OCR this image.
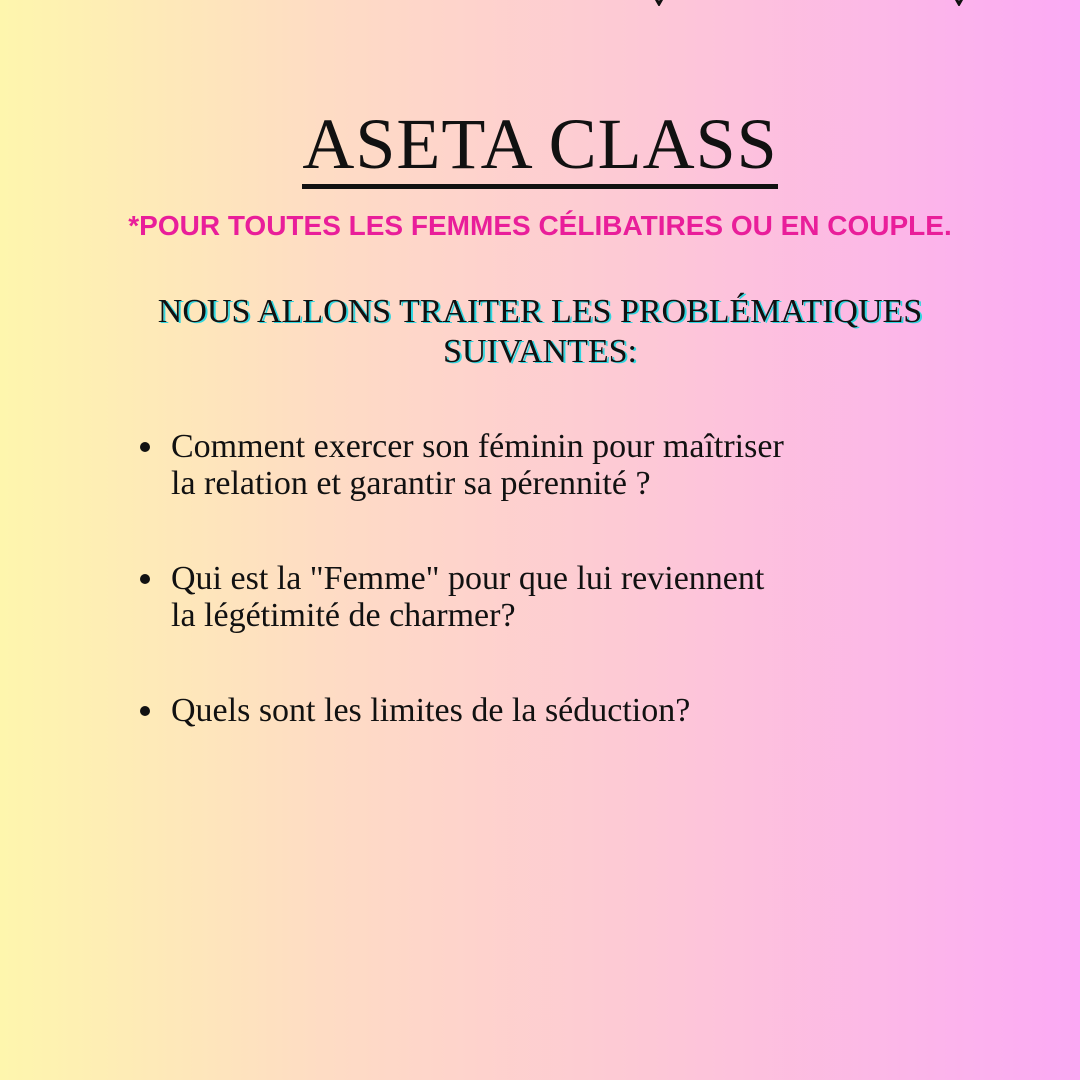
ASETA CLASS

*POUR TOUTES LES FEMMES CÉLIBATIRES OU EN COUPLE.

NOUS ALLONS TRAITER LES PROBLÉMATIQUES
SUIVANTES:

Comment exercer son féminin pour maîtriser
la relation et garantir sa pérennité ?
Qui est la "Femme" pour que lui reviennent
la légétimité de charmer?
Quels sont les limites de la séduction?
